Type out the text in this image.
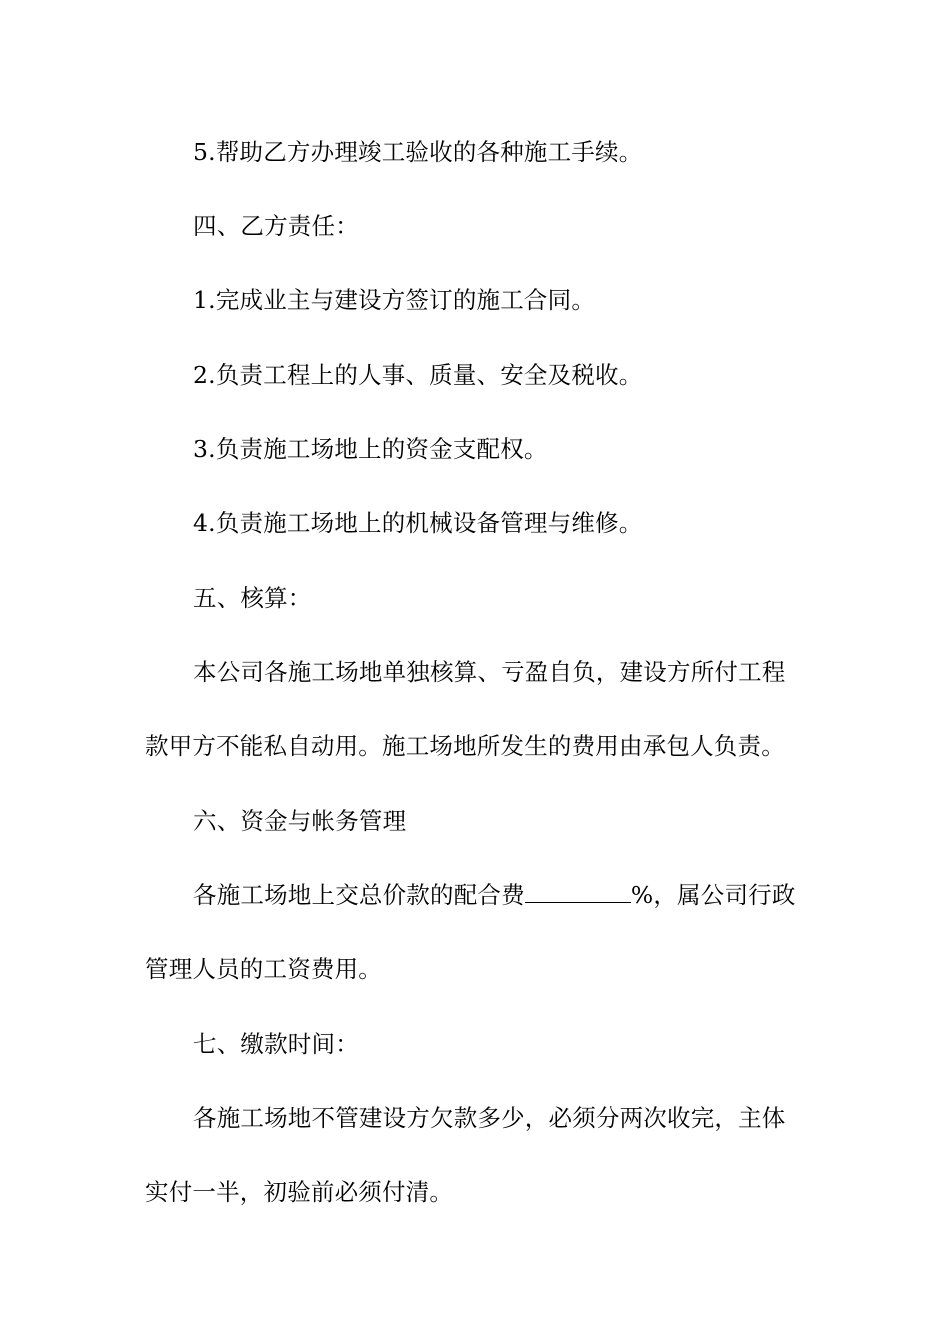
5.帮助乙方办理竣工验收的各种施工手续。
四、乙方责任：
1.完成业主与建设方签订的施工合同。
2.负责工程上的人事、质量、安全及税收。
3.负责施工场地上的资金支配权。
4.负责施工场地上的机械设备管理与维修。
五、核算：
本公司各施工场地单独核算、亏盈自负，建设方所付工程
款甲方不能私自动用。施工场地所发生的费用由承包人负责。
六、资金与帐务管理
各施工场地上交总价款的配合费	%，属公司行政
管理人员的工资费用。
七、缴款时间：
各施工场地不管建设方欠款多少，必须分两次收完，主体
实付一半，初验前必须付清。
